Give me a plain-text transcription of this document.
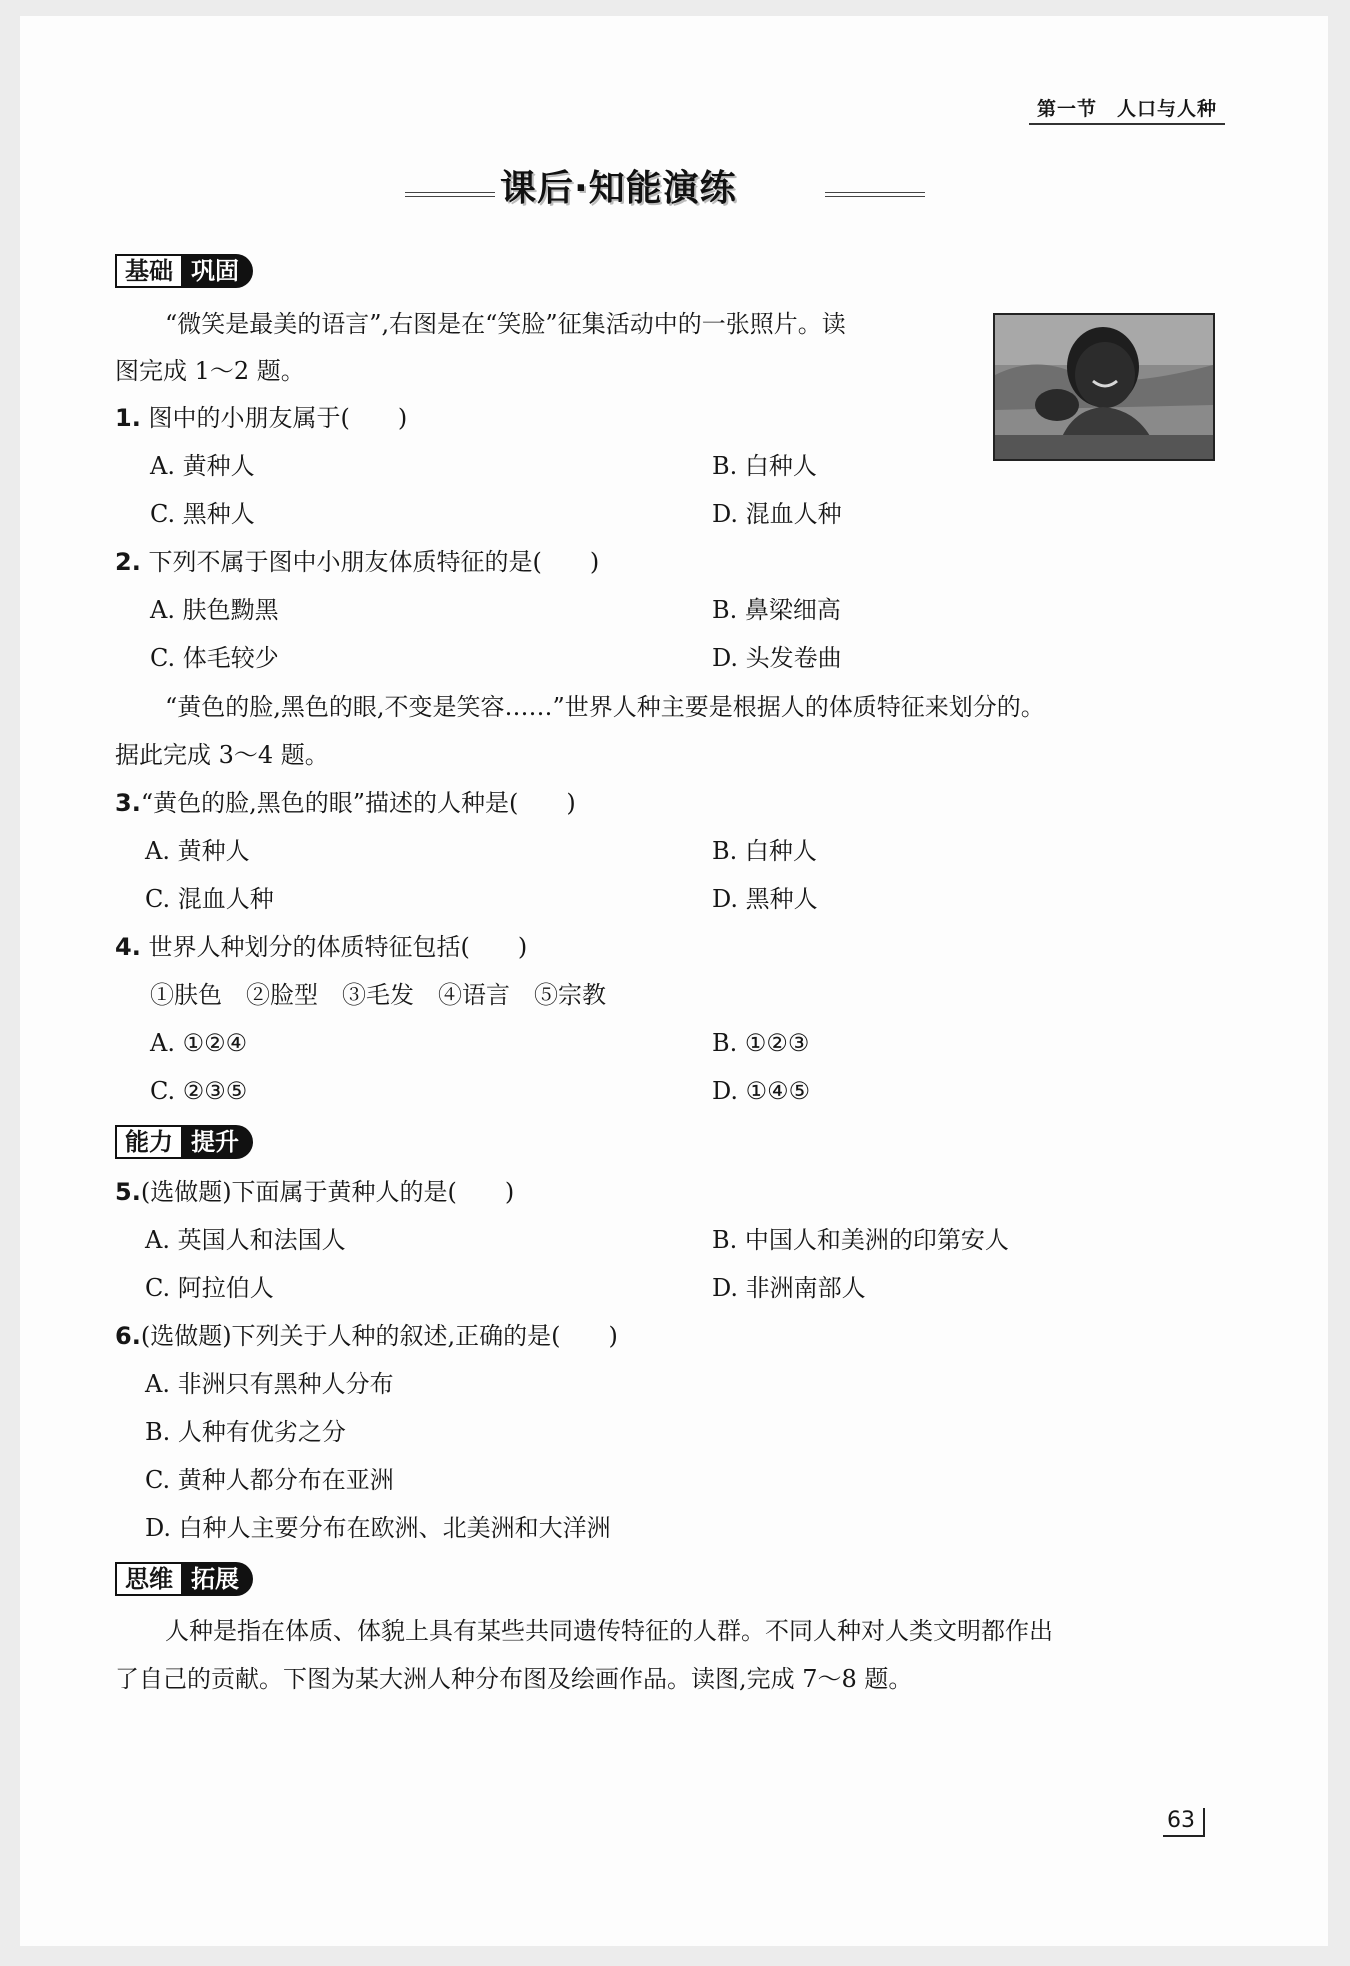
第一节　人口与人种
课后·知能演练
基础 巩固
“微笑是最美的语言”,右图是在“笑脸”征集活动中的一张照片。读
图完成 1～2 题。
1. 图中的小朋友属于(　　)
A. 黄种人	B. 白种人
C. 黑种人	D. 混血人种
2. 下列不属于图中小朋友体质特征的是(　　)
A. 肤色黝黑	B. 鼻梁细高
C. 体毛较少	D. 头发卷曲
“黄色的脸,黑色的眼,不变是笑容……”世界人种主要是根据人的体质特征来划分的。
据此完成 3～4 题。
3.“黄色的脸,黑色的眼”描述的人种是(　　)
A. 黄种人	B. 白种人
C. 混血人种	D. 黑种人
4. 世界人种划分的体质特征包括(　　)
①肤色　②脸型　③毛发　④语言　⑤宗教
A. ①②④	B. ①②③
C. ②③⑤	D. ①④⑤
能力 提升
5.(选做题)下面属于黄种人的是(　　)
A. 英国人和法国人	B. 中国人和美洲的印第安人
C. 阿拉伯人	D. 非洲南部人
6.(选做题)下列关于人种的叙述,正确的是(　　)
A. 非洲只有黑种人分布
B. 人种有优劣之分
C. 黄种人都分布在亚洲
D. 白种人主要分布在欧洲、北美洲和大洋洲
思维 拓展
人种是指在体质、体貌上具有某些共同遗传特征的人群。不同人种对人类文明都作出
了自己的贡献。下图为某大洲人种分布图及绘画作品。读图,完成 7～8 题。
63
